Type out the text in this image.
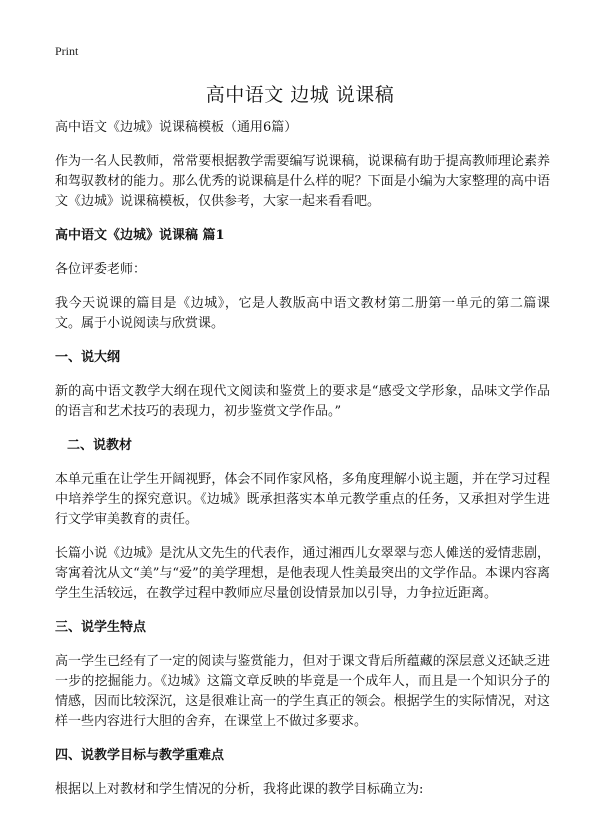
Print
高中语文 边城 说课稿

高中语文《边城》说课稿模板（通用6篇）

作为一名人民教师，常常要根据教学需要编写说课稿，说课稿有助于提高教师理论素养和驾驭教材的能力。那么优秀的说课稿是什么样的呢？下面是小编为大家整理的高中语文《边城》说课稿模板，仅供参考，大家一起来看看吧。

高中语文《边城》说课稿 篇1

各位评委老师：

我今天说课的篇目是《边城》，它是人教版高中语文教材第二册第一单元的第二篇课文。属于小说阅读与欣赏课。

一、说大纲

新的高中语文教学大纲在现代文阅读和鉴赏上的要求是“感受文学形象，品味文学作品的语言和艺术技巧的表现力，初步鉴赏文学作品。”

二、说教材

本单元重在让学生开阔视野，体会不同作家风格，多角度理解小说主题，并在学习过程中培养学生的探究意识。《边城》既承担落实本单元教学重点的任务，又承担对学生进行文学审美教育的责任。

长篇小说《边城》是沈从文先生的代表作，通过湘西儿女翠翠与恋人傩送的爱情悲剧，寄寓着沈从文“美”与“爱”的美学理想，是他表现人性美最突出的文学作品。本课内容离学生生活较远，在教学过程中教师应尽量创设情景加以引导，力争拉近距离。

三、说学生特点

高一学生已经有了一定的阅读与鉴赏能力，但对于课文背后所蕴藏的深层意义还缺乏进一步的挖掘能力。《边城》这篇文章反映的毕竟是一个成年人，而且是一个知识分子的情感，因而比较深沉，这是很难让高一的学生真正的领会。根据学生的实际情况，对这样一些内容进行大胆的舍弃，在课堂上不做过多要求。

四、说教学目标与教学重难点

根据以上对教材和学生情况的分析，我将此课的教学目标确立为:
